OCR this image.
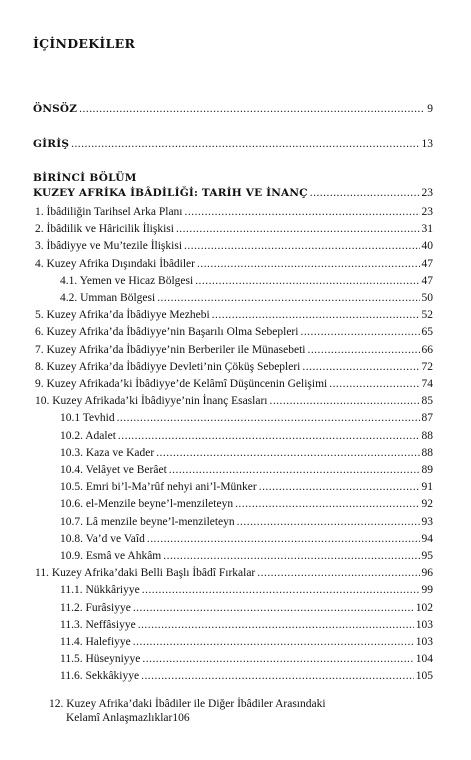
İÇİNDEKİLER
ÖNSÖZ . . .	9
GİRİŞ . . .	13
BİRİNCİ BÖLÜM
KUZEY AFRİKA İBÂDİLİĞİ: TARİH VE İNANÇ . . .	23
1. İbâdiliğin Tarihsel Arka Planı . . .	23
2. İbâdilik ve Hâricilik İlişkisi . . .	31
3. İbâdiyye ve Mu’tezile İlişkisi . . .	40
4. Kuzey Afrika Dışındaki İbâdiler . . .	47
4.1. Yemen ve Hicaz Bölgesi . . .	47
4.2. Umman Bölgesi . . .	50
5. Kuzey Afrika’da İbâdiyye Mezhebi . . .	52
6. Kuzey Afrika’da İbâdiyye’nin Başarılı Olma Sebepleri . . .	65
7. Kuzey Afrika’da İbâdiyye’nin Berberiler ile Münasebeti . . .	66
8. Kuzey Afrika’da İbâdiyye Devleti’nin Çöküş Sebepleri . . .	72
9. Kuzey Afrikada’ki İbâdiyye’de Kelâmî Düşüncenin Gelişimi . . .	74
10. Kuzey Afrikada’ki İbâdiyye’nin İnanç Esasları . . .	85
10.1 Tevhid . . .	87
10.2. Adalet . . .	88
10.3. Kaza ve Kader . . .	88
10.4. Velâyet ve Berâet . . .	89
10.5. Emri bi’l-Ma’rûf nehyi ani’l-Münker . . .	91
10.6. el-Menzile beyne’l-menzileteyn . . .	92
10.7. Lâ menzile beyne’l-menzileteyn . . .	93
10.8. Va’d ve Vaîd . . .	94
10.9. Esmâ ve Ahkâm . . .	95
11. Kuzey Afrika’daki Belli Başlı İbâdî Fırkalar . . .	96
11.1. Nükkâriyye . . .	99
11.2. Furâsiyye . . .	102
11.3. Neffâsiyye . . .	103
11.4. Halefiyye . . .	103
11.5. Hüseyniyye . . .	104
11.6. Sekkâkiyye . . .	105
12. Kuzey Afrika’daki İbâdiler ile Diğer İbâdiler Arasındaki
Kelamî Anlaşmazlıklar 106
